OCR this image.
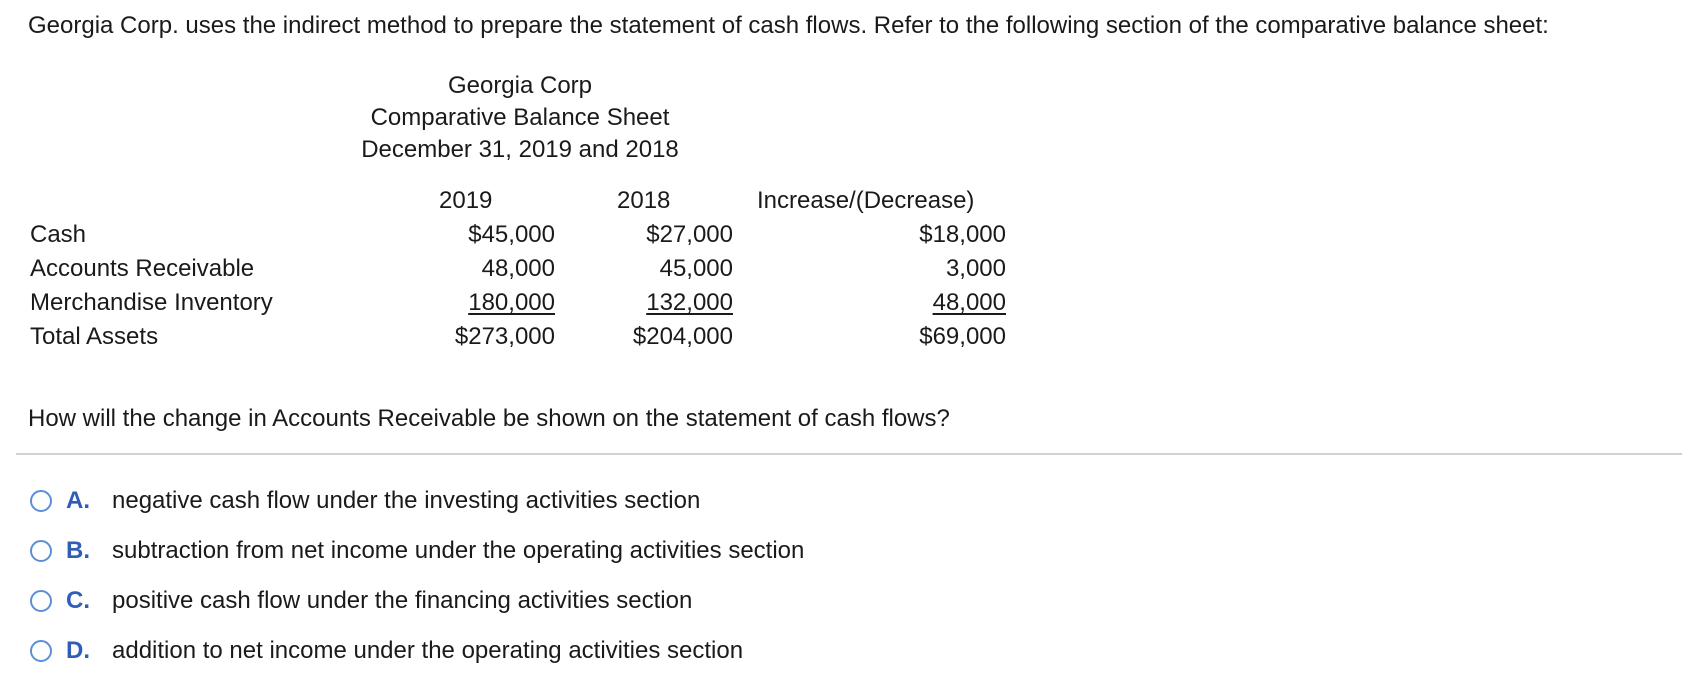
Georgia Corp. uses the indirect method to prepare the statement of cash flows. Refer to the following section of the comparative balance sheet:
Georgia Corp
Comparative Balance Sheet
December 31, 2019 and 2018
2019	2018	Increase/(Decrease)
Cash	$45,000	$27,000	$18,000
Accounts Receivable	48,000	45,000	3,000
Merchandise Inventory	180,000	132,000	48,000
Total Assets	$273,000	$204,000	$69,000
How will the change in Accounts Receivable be shown on the statement of cash flows?
A. negative cash flow under the investing activities section
B. subtraction from net income under the operating activities section
C. positive cash flow under the financing activities section
D. addition to net income under the operating activities section
